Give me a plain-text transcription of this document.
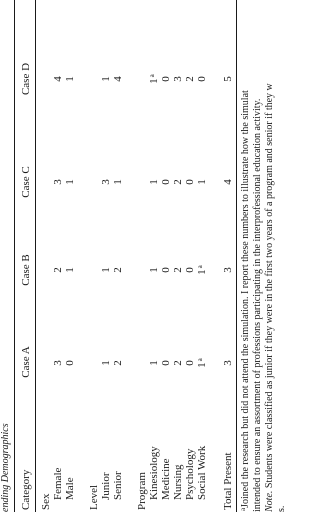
ending Demographics Category
Case A
Case B
Case C
Case D
Sex
Female
3
2
3
4
Male
0
1
1
1
Level Junior
1
1
3
1
Senior
2
2
1
4
Program Kinesiology
1
1
1
1$^a$
Medicine
0
0
0
0
Nursing
2
2
2
3
Psychology
0
0
0
2
Social Work
1$^a$
1$^a$
1
0
Total Present
3
3
4
5
$^a$Joined the research but did not attend the simulation. I report these numbers to illustrate how the simulat intended to ensure an assortment of professions participating in the interprofessional education activity. Note. Students were classified as junior if they were in the first two years of a program and senior if they w
s.
